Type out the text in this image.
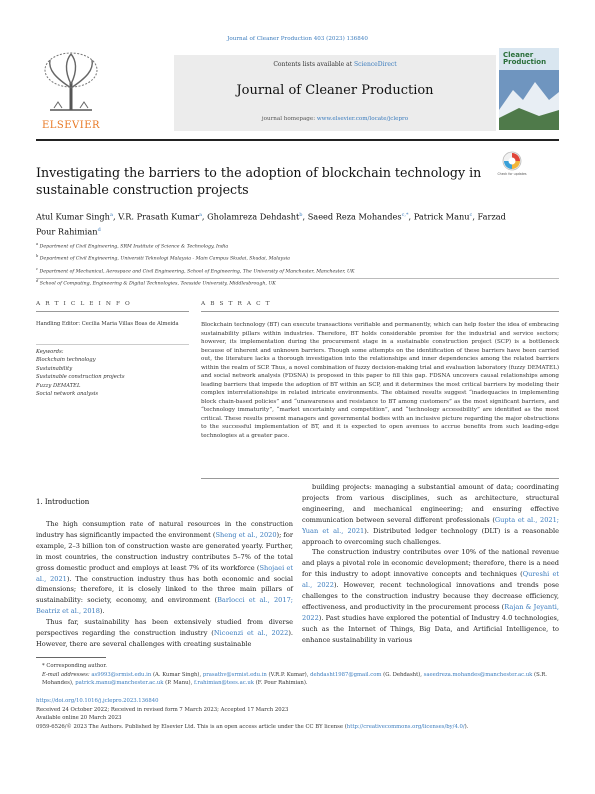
Journal of Cleaner Production 403 (2023) 136840
ELSEVIER
Contents lists available at ScienceDirect
Journal of Cleaner Production
journal homepage: www.elsevier.com/locate/jclepro
Cleaner Production
Investigating the barriers to the adoption of blockchain technology in sustainable construction projects
Check for updates
Atul Kumar Singh$^a$, V.R. Prasath Kumar$^a$, Gholamreza Dehdasht$^b$, Saeed Reza Mohandes$^{c,*}$, Patrick Manu$^c$, Farzad Pour Rahimian$^d$
$^a$ Department of Civil Engineering, SRM Institute of Science & Technology, India
$^b$ Department of Civil Engineering, Universiti Teknologi Malaysia - Main Campus Skudai, Skudai, Malaysia
$^c$ Department of Mechanical, Aerospace and Civil Engineering, School of Engineering, The University of Manchester, Manchester, UK
$^d$ School of Computing, Engineering & Digital Technologies, Teesside University, Middlesbrough, UK
A R T I C L E I N F O	A B S T R A C T
Handling Editor: Cecilia Maria Villas Boas de Almeida
Keywords:
Blockchain technology
Sustainability
Sustainable construction projects
Fuzzy DEMATEL
Social network analysis
Blockchain technology (BT) can execute transactions verifiable and permanently, which can help foster the idea of embracing sustainability pillars within industries. Therefore, BT holds considerable promise for the industrial and service sectors; however, its implementation during the procurement stage in a sustainable construction project (SCP) is a bottleneck because of inherent and unknown barriers. Though some attempts on the identification of these barriers have been carried out, the literature lacks a thorough investigation into the relationships and inner dependencies among the related barriers within the realm of SCP. Thus, a novel combination of fuzzy decision-making trial and evaluation laboratory (fuzzy DEMATEL) and social network analysis (FDSNA) is proposed in this paper to fill this gap. FDSNA uncovers causal relationships among leading barriers that impede the adoption of BT within an SCP, and it determines the most critical barriers by modeling their complex interrelationships in related intricate environments. The obtained results suggest “inadequacies in implementing block chain-based policies” and “unawareness and resistance to BT among customers” as the most significant barriers, and “technology immaturity”, “market uncertainty and competition”, and “technology accessibility” are identified as the most critical. These results present managers and governmental bodies with an inclusive picture regarding the major obstructions to the successful implementation of BT, and it is expected to open avenues to accrue benefits from such leading-edge technologies at a greater pace.
1. Introduction

The high consumption rate of natural resources in the construction industry has significantly impacted the environment (Sheng et al., 2020); for example, 2–3 billion ton of construction waste are generated yearly. Further, in most countries, the construction industry contributes 5–7% of the total gross domestic product and employs at least 7% of its workforce (Shojaei et al., 2021). The construction industry thus has both economic and social dimensions; therefore, it is closely linked to the three main pillars of sustainability: society, economy, and environment (Barlocci et al., 2017; Beatriz et al., 2018).

Thus far, sustainability has been extensively studied from diverse perspectives regarding the construction industry (Nicoenzi et al., 2022). However, there are several challenges with creating sustainable

building projects: managing a substantial amount of data; coordinating projects from various disciplines, such as architecture, structural engineering, and mechanical engineering; and ensuring effective communication between several different professionals (Gupta et al., 2021; Yuan et al., 2021). Distributed ledger technology (DLT) is a reasonable approach to overcoming such challenges.

The construction industry contributes over 10% of the national revenue and plays a pivotal role in economic development; therefore, there is a need for this industry to adopt innovative concepts and techniques (Qureshi et al., 2022). However, recent technological innovations and trends pose challenges to the construction industry because they decrease efficiency, effectiveness, and productivity in the procurement process (Rajan & Jeyanti, 2022). Past studies have explored the potential of Industry 4.0 technologies, such as the Internet of Things, Big Data, and Artificial Intelligence, to enhance sustainability in various

* Corresponding author.
E-mail addresses: as9993@srmist.edu.in (A. Kumar Singh), prasathv@srmist.edu.in (V.R.P. Kumar), dehdasht1987@gmail.com (G. Dehdasht), saeedreza.mohandes@manchester.ac.uk (S.R. Mohandes), patrick.manu@manchester.ac.uk (P. Manu), f.rahimian@tees.ac.uk (F. Pour Rahimian).
https://doi.org/10.1016/j.jclepro.2023.136840
Received 24 October 2022; Received in revised form 7 March 2023; Accepted 17 March 2023
Available online 20 March 2023
0959-6526/© 2023 The Authors. Published by Elsevier Ltd. This is an open access article under the CC BY license (http://creativecommons.org/licenses/by/4.0/).
